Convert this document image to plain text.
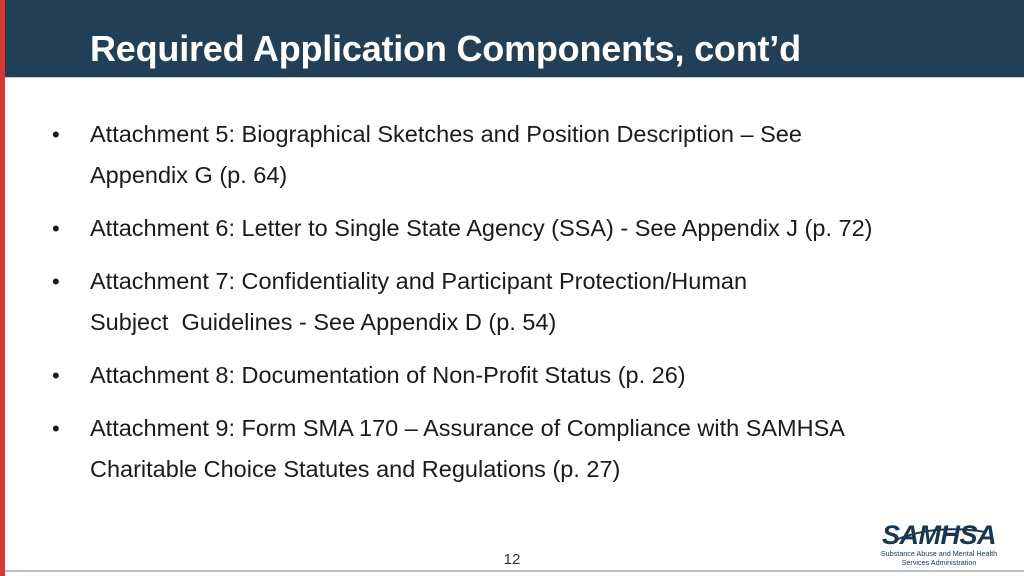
Required Application Components, cont’d
• Attachment 5: Biographical Sketches and Position Description – See
Appendix G (p. 64)
• Attachment 6: Letter to Single State Agency (SSA) - See Appendix J (p. 72)
• Attachment 7: Confidentiality and Participant Protection/Human
Subject  Guidelines - See Appendix D (p. 54)
• Attachment 8: Documentation of Non-Profit Status (p. 26)
• Attachment 9: Form SMA 170 – Assurance of Compliance with SAMHSA
Charitable Choice Statutes and Regulations (p. 27)
12
SAMHSA
Substance Abuse and Mental Health
Services Administration
